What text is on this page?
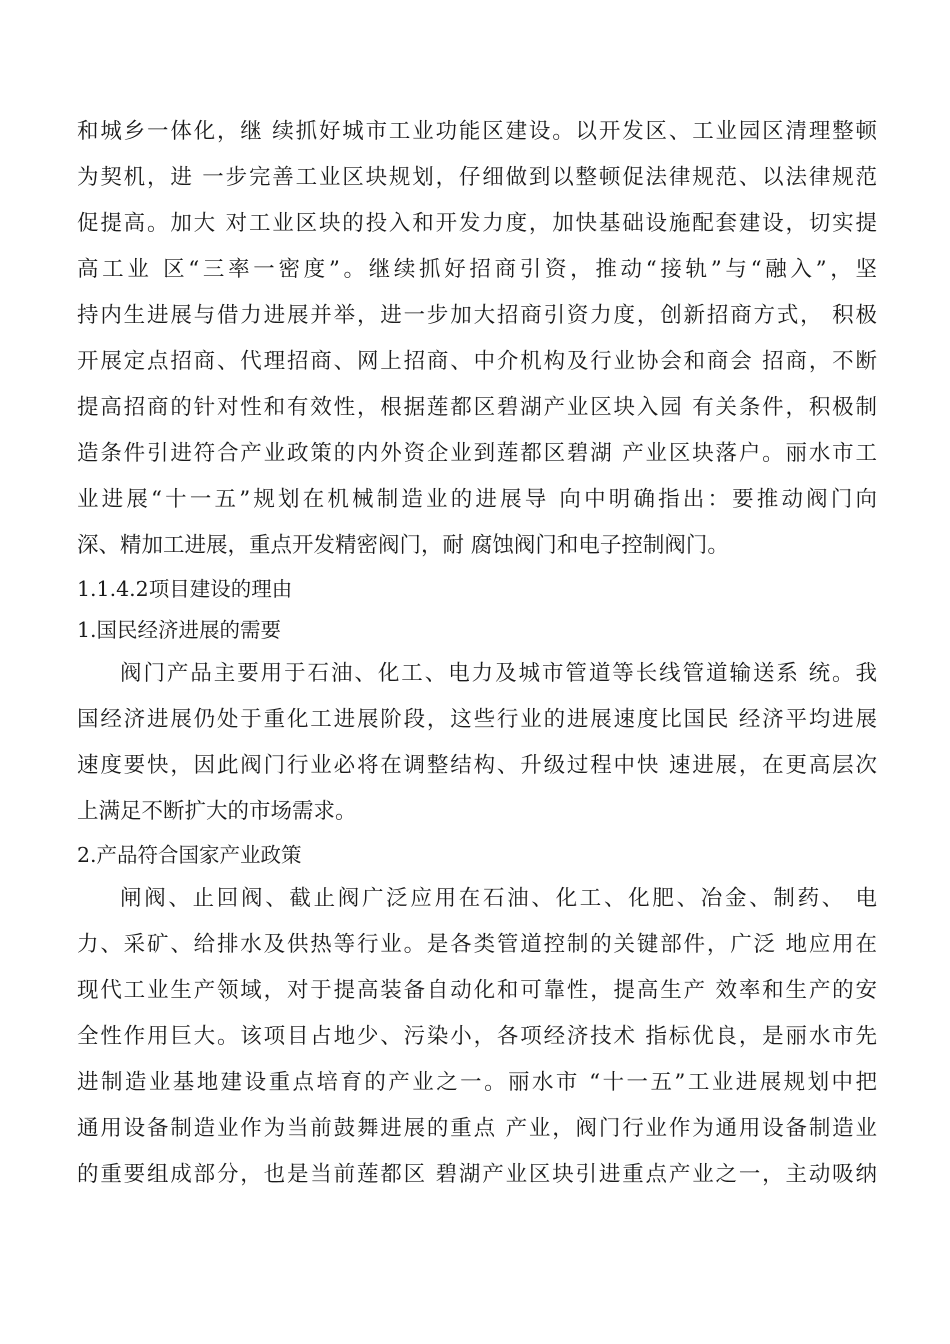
和城乡一体化，继 续抓好城市工业功能区建设。以开发区、工业园区清理整顿
为契机，进 一步完善工业区块规划，仔细做到以整顿促法律规范、以法律规范
促提高。加大 对工业区块的投入和开发力度，加快基础设施配套建设，切实提
高工业 区“三率一密度”。继续抓好招商引资，推动“接轨”与“融入”，坚
持内生进展与借力进展并举，进一步加大招商引资力度，创新招商方式， 积极
开展定点招商、代理招商、网上招商、中介机构及行业协会和商会 招商，不断
提高招商的针对性和有效性，根据莲都区碧湖产业区块入园 有关条件，积极制
造条件引进符合产业政策的内外资企业到莲都区碧湖 产业区块落户。丽水市工
业进展“十一五”规划在机械制造业的进展导 向中明确指出：要推动阀门向
深、精加工进展，重点开发精密阀门，耐 腐蚀阀门和电子控制阀门。
1.1.4.2项目建设的理由
1.国民经济进展的需要
阀门产品主要用于石油、化工、电力及城市管道等长线管道输送系 统。我
国经济进展仍处于重化工进展阶段，这些行业的进展速度比国民 经济平均进展
速度要快，因此阀门行业必将在调整结构、升级过程中快 速进展，在更高层次
上满足不断扩大的市场需求。
2.产品符合国家产业政策
闸阀、止回阀、截止阀广泛应用在石油、化工、化肥、冶金、制药、 电
力、采矿、给排水及供热等行业。是各类管道控制的关键部件，广泛 地应用在
现代工业生产领域，对于提高装备自动化和可靠性，提高生产 效率和生产的安
全性作用巨大。该项目占地少、污染小，各项经济技术 指标优良，是丽水市先
进制造业基地建设重点培育的产业之一。丽水市 “十一五”工业进展规划中把
通用设备制造业作为当前鼓舞进展的重点 产业，阀门行业作为通用设备制造业
的重要组成部分，也是当前莲都区 碧湖产业区块引进重点产业之一，主动吸纳
